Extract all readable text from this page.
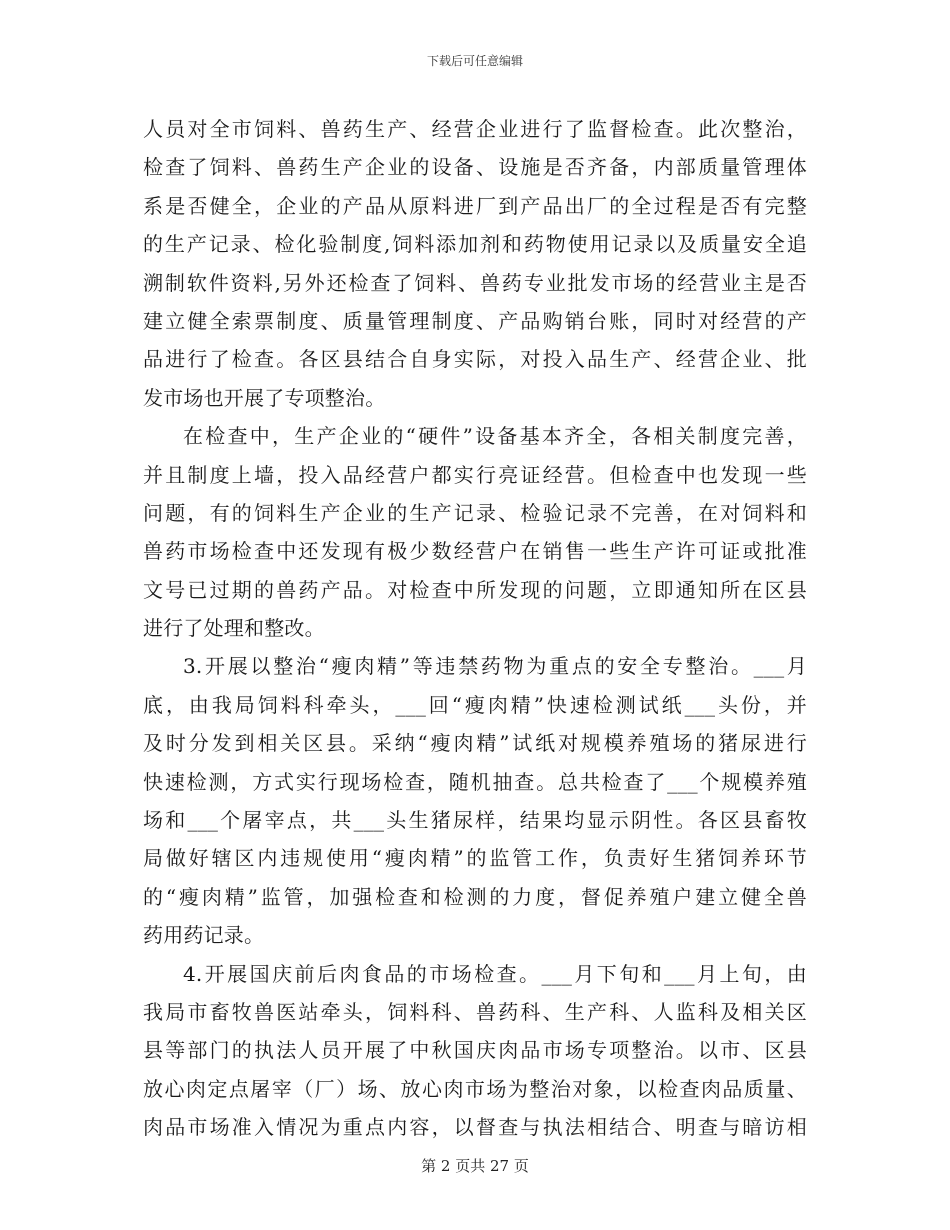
下载后可任意编辑
人员对全市饲料、兽药生产、经营企业进行了监督检查。此次整治，
检查了饲料、兽药生产企业的设备、设施是否齐备，内部质量管理体
系是否健全，企业的产品从原料进厂到产品出厂的全过程是否有完整
的生产记录、检化验制度,饲料添加剂和药物使用记录以及质量安全追
溯制软件资料,另外还检查了饲料、兽药专业批发市场的经营业主是否
建立健全索票制度、质量管理制度、产品购销台账，同时对经营的产
品进行了检查。各区县结合自身实际，对投入品生产、经营企业、批
发市场也开展了专项整治。
在检查中，生产企业的“硬件”设备基本齐全，各相关制度完善，
并且制度上墙，投入品经营户都实行亮证经营。但检查中也发现一些
问题，有的饲料生产企业的生产记录、检验记录不完善，在对饲料和
兽药市场检查中还发现有极少数经营户在销售一些生产许可证或批准
文号已过期的兽药产品。对检查中所发现的问题，立即通知所在区县
进行了处理和整改。
3.开展以整治“瘦肉精”等违禁药物为重点的安全专整治。___月
底，由我局饲料科牵头，___回“瘦肉精”快速检测试纸___头份，并
及时分发到相关区县。采纳“瘦肉精”试纸对规模养殖场的猪尿进行
快速检测，方式实行现场检查，随机抽查。总共检查了___个规模养殖
场和___个屠宰点，共___头生猪尿样，结果均显示阴性。各区县畜牧
局做好辖区内违规使用“瘦肉精”的监管工作，负责好生猪饲养环节
的“瘦肉精”监管，加强检查和检测的力度，督促养殖户建立健全兽
药用药记录。
4.开展国庆前后肉食品的市场检查。___月下旬和___月上旬，由
我局市畜牧兽医站牵头，饲料科、兽药科、生产科、人监科及相关区
县等部门的执法人员开展了中秋国庆肉品市场专项整治。以市、区县
放心肉定点屠宰（厂）场、放心肉市场为整治对象，以检查肉品质量、
肉品市场准入情况为重点内容，以督查与执法相结合、明查与暗访相
第 2 页共 27 页
